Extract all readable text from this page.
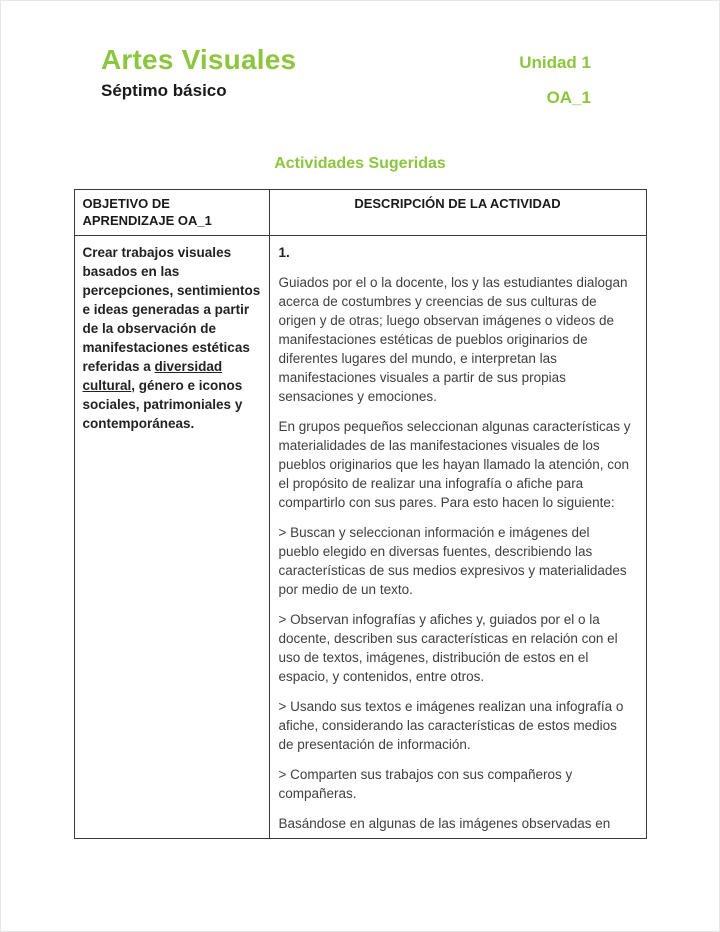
Artes Visuales
Séptimo básico
Unidad 1
OA_1
Actividades Sugeridas
OBJETIVO DE APRENDIZAJE OA_1
DESCRIPCIÓN DE LA ACTIVIDAD
Crear trabajos visuales basados en las percepciones, sentimientos e ideas generadas a partir de la observación de manifestaciones estéticas referidas a diversidad cultural, género e iconos sociales, patrimoniales y contemporáneas.

1.

Guiados por el o la docente, los y las estudiantes dialogan acerca de costumbres y creencias de sus culturas de origen y de otras; luego observan imágenes o videos de manifestaciones estéticas de pueblos originarios de diferentes lugares del mundo, e interpretan las manifestaciones visuales a partir de sus propias sensaciones y emociones.

En grupos pequeños seleccionan algunas características y materialidades de las manifestaciones visuales de los pueblos originarios que les hayan llamado la atención, con el propósito de realizar una infografía o afiche para compartirlo con sus pares. Para esto hacen lo siguiente:

> Buscan y seleccionan información e imágenes del pueblo elegido en diversas fuentes, describiendo las características de sus medios expresivos y materialidades por medio de un texto.

> Observan infografías y afiches y, guiados por el o la docente, describen sus características en relación con el uso de textos, imágenes, distribución de estos en el espacio, y contenidos, entre otros.

> Usando sus textos e imágenes realizan una infografía o afiche, considerando las características de estos medios de presentación de información.

> Comparten sus trabajos con sus compañeros y compañeras.

Basándose en algunas de las imágenes observadas en
